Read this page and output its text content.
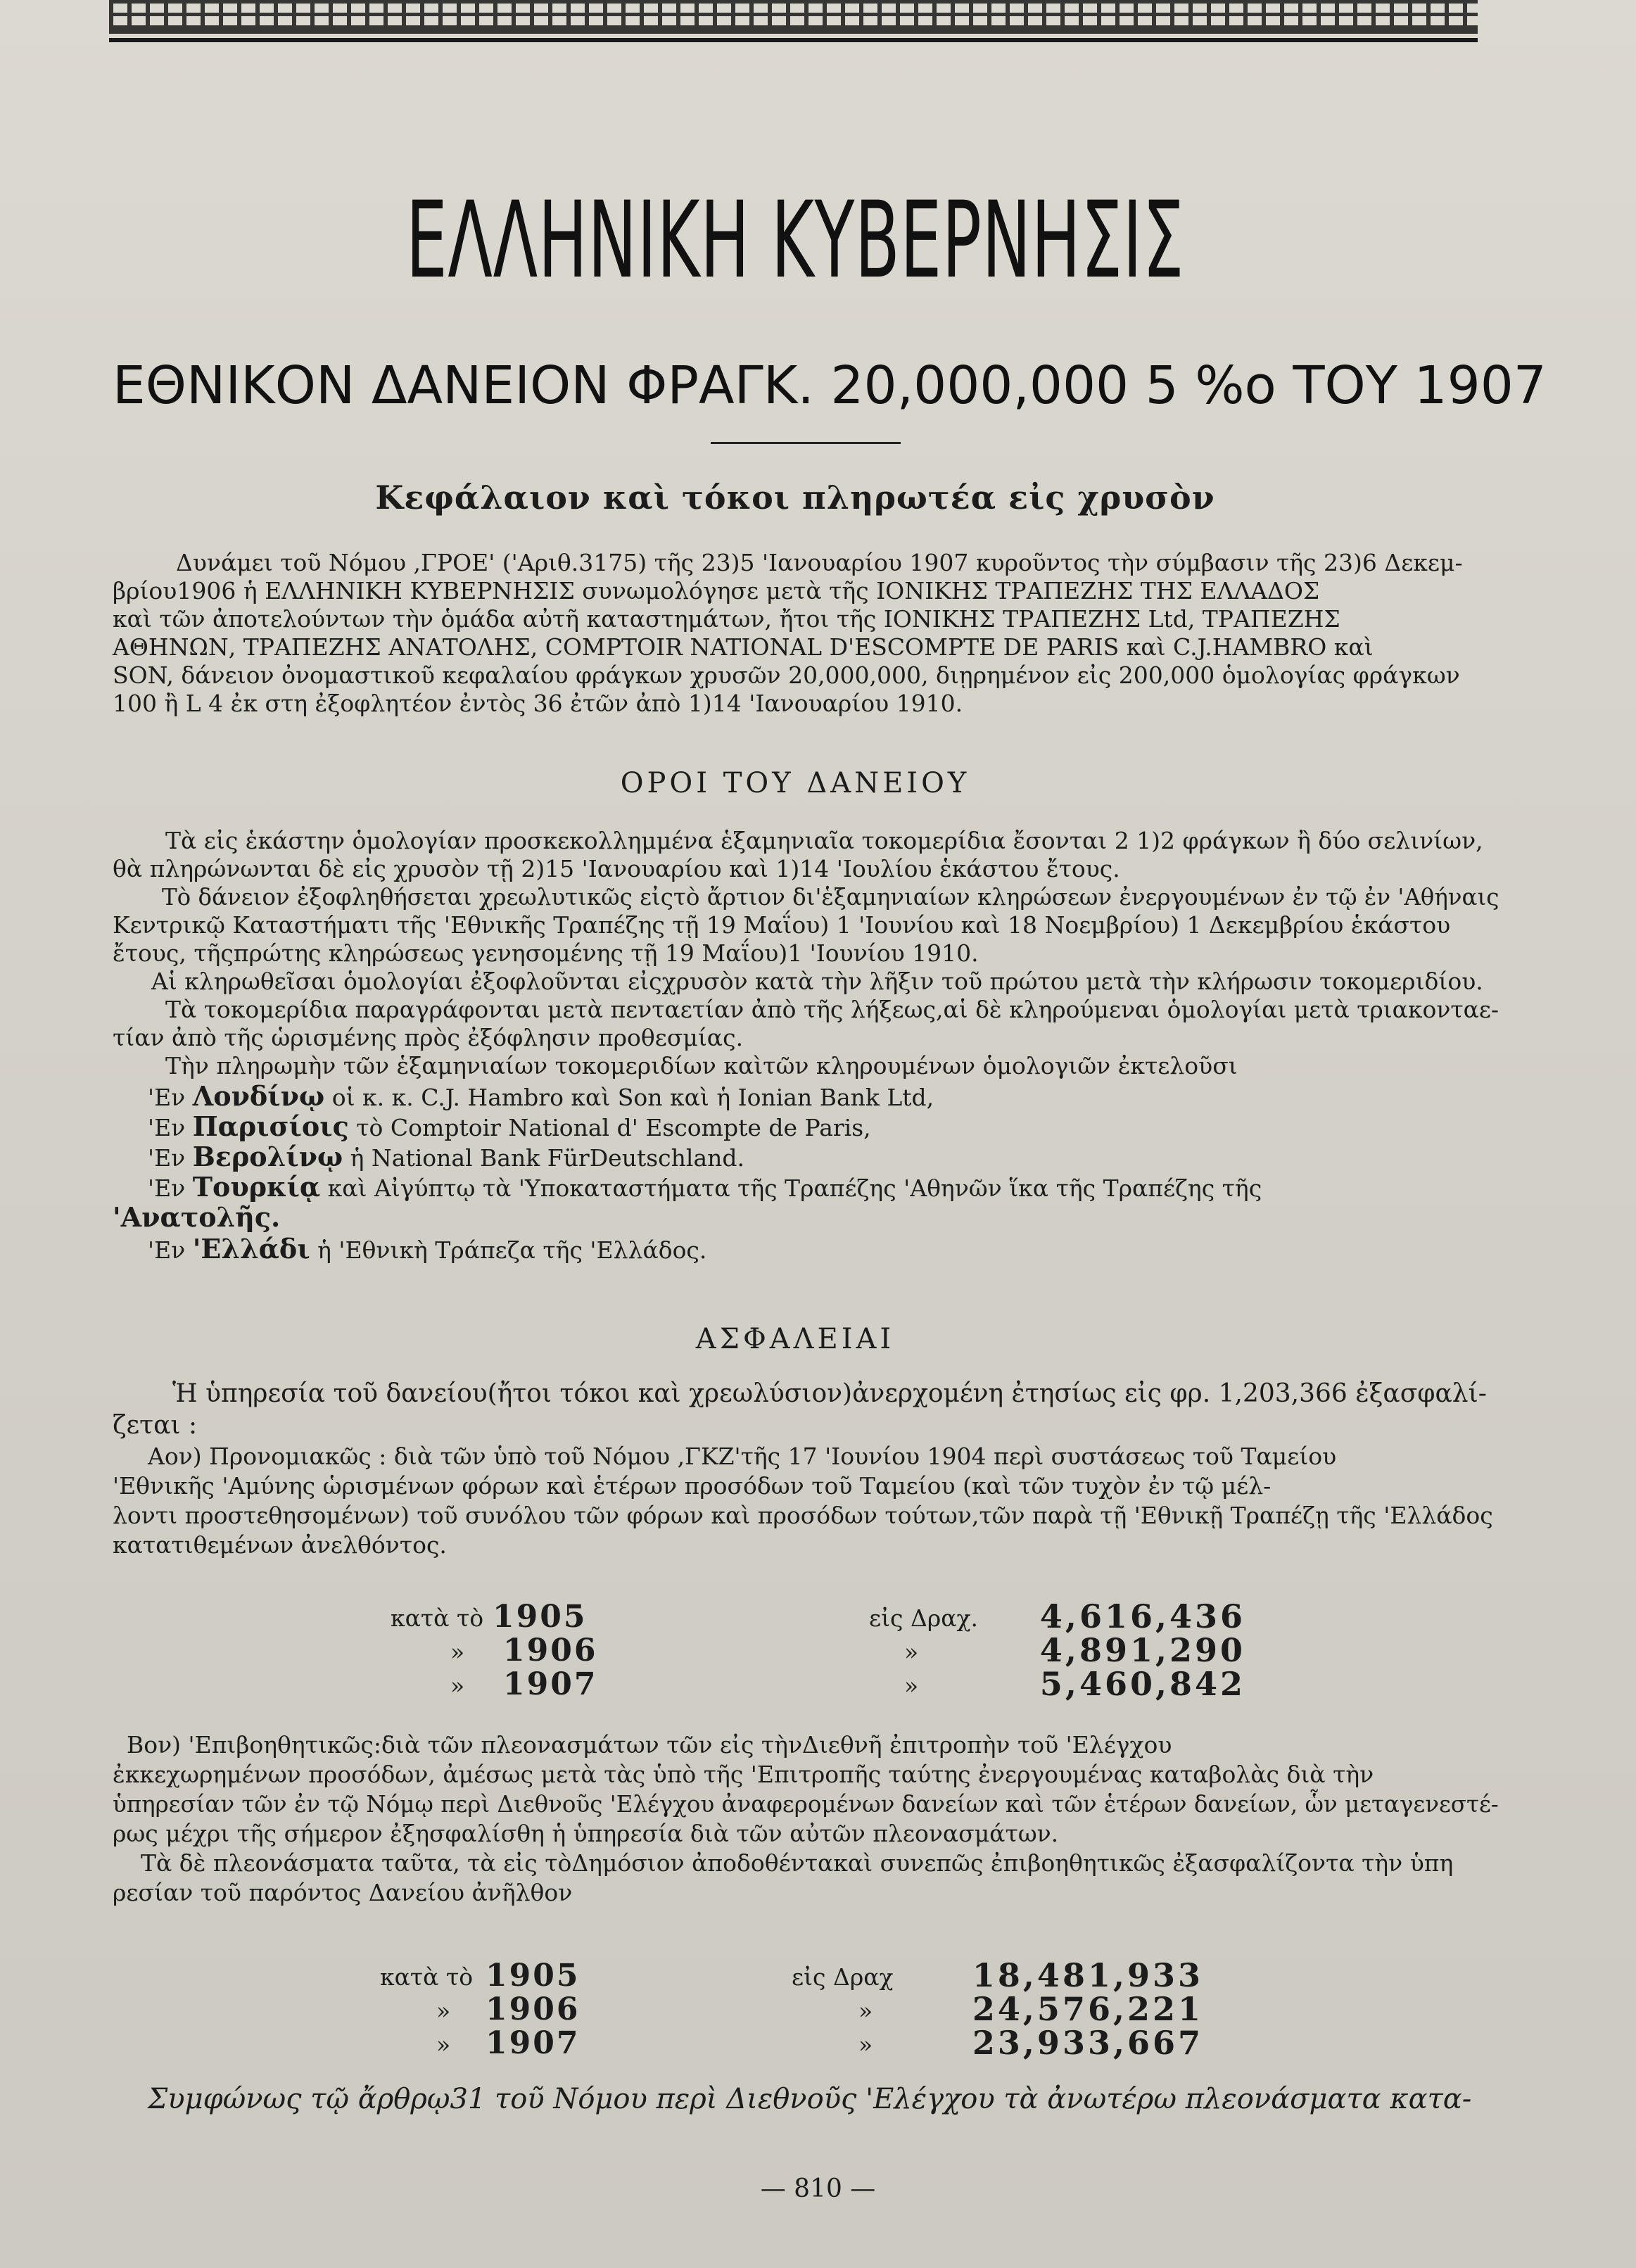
ΕΛΛΗΝΙΚΗ ΚΥΒΕΡΝΗΣΙΣ
ΕΘΝΙΚΟΝ ΔΑΝΕΙΟΝ ΦΡΑΓΚ. 20,000,000 5 %ο ΤΟΥ 1907
Κεφάλαιον καὶ τόκοι πληρωτέα εἰς χρυσὸν
Δυνάμει τοῦ Νόμου ,ΓΡΟΕ' ('Αριθ.3175) τῆς 23)5 'Ιανουαρίου 1907 κυροῦντος τὴν σύμβασιν τῆς 23)6 Δεκεμ-
βρίου1906 ἡ ΕΛΛΗΝΙΚΗ ΚΥΒΕΡΝΗΣΙΣ συνωμολόγησε μετὰ τῆς ΙΟΝΙΚΗΣ ΤΡΑΠΕΖΗΣ ΤΗΣ ΕΛΛΑΔΟΣ
καὶ τῶν ἀποτελούντων τὴν ὁμάδα αὐτῆ καταστημάτων, ἤτοι τῆς ΙΟΝΙΚΗΣ ΤΡΑΠΕΖΗΣ Ltd, ΤΡΑΠΕΖΗΣ
ΑΘΗΝΩΝ, ΤΡΑΠΕΖΗΣ ΑΝΑΤΟΛΗΣ, COMPTOIR NATIONAL D'ESCOMPTE DE PARIS καὶ C.J.HAMBRO καὶ
SON, δάνειον ὀνομαστικοῦ κεφαλαίου φράγκων χρυσῶν 20,000,000, διῃρημένον εἰς 200,000 ὁμολογίας φράγκων
100 ἢ L 4 ἐκ στη ἐξοφλητέον ἐντὸς 36 ἐτῶν ἀπὸ 1)14 'Ιανουαρίου 1910.
ΟΡΟΙ ΤΟΥ ΔΑΝΕΙΟΥ
Τὰ εἰς ἑκάστην ὁμολογίαν προσκεκολλημμένα ἑξαμηνιαῖα τοκομερίδια ἔσονται 2 1)2 φράγκων ἢ δύο σελινίων,
θὰ πληρώνωνται δὲ εἰς χρυσὸν τῇ 2)15 'Ιανουαρίου καὶ 1)14 'Ιουλίου ἑκάστου ἔτους.
Τὸ δάνειον ἐξοφληθήσεται χρεωλυτικῶς εἰςτὸ ἄρτιον δι'ἑξαμηνιαίων κληρώσεων ἐνεργουμένων ἐν τῷ ἐν 'Αθήναις
Κεντρικῷ Καταστήματι τῆς 'Εθνικῆς Τραπέζης τῇ 19 Μαΐου) 1 'Ιουνίου καὶ 18 Νοεμβρίου) 1 Δεκεμβρίου ἑκάστου
ἔτους, τῆςπρώτης κληρώσεως γενησομένης τῇ 19 Μαΐου)1 'Ιουνίου 1910.
Αἱ κληρωθεῖσαι ὁμολογίαι ἐξοφλοῦνται εἰςχρυσὸν κατὰ τὴν λῆξιν τοῦ πρώτου μετὰ τὴν κλήρωσιν τοκομεριδίου.
Τὰ τοκομερίδια παραγράφονται μετὰ πενταετίαν ἀπὸ τῆς λήξεως,αἱ δὲ κληρούμεναι ὁμολογίαι μετὰ τριακονταε-
τίαν ἀπὸ τῆς ὡρισμένης πρὸς ἐξόφλησιν προθεσμίας.
Τὴν πληρωμὴν τῶν ἑξαμηνιαίων τοκομεριδίων καὶτῶν κληρουμένων ὁμολογιῶν ἐκτελοῦσι
'Εν Λονδίνῳ οἱ κ. κ. C.J. Hambro καὶ Son καὶ ἡ Ionian Bank Ltd,
'Εν Παρισίοις τὸ Comptoir National d' Escompte de Paris,
'Εν Βερολίνῳ ἡ National Bank FürDeutschland.
'Εν Τουρκίᾳ καὶ Αἰγύπτῳ τὰ 'Υποκαταστήματα τῆς Τραπέζης 'Αθηνῶν ἵκα τῆς Τραπέζης τῆς
'Ανατολῆς.
'Εν 'Ελλάδι ἡ 'Εθνικὴ Τράπεζα τῆς 'Ελλάδος.
ΑΣΦΑΛΕΙΑΙ
Ἡ ὑπηρεσία τοῦ δανείου(ἤτοι τόκοι καὶ χρεωλύσιον)ἀνερχομένη ἐτησίως εἰς φρ. 1,203,366 ἐξασφαλί-
ζεται :
Αον) Προνομιακῶς : διὰ τῶν ὑπὸ τοῦ Νόμου ,ΓΚΖ'τῆς 17 'Ιουνίου 1904 περὶ συστάσεως τοῦ Ταμείου
'Εθνικῆς 'Αμύνης ὡρισμένων φόρων καὶ ἑτέρων προσόδων τοῦ Ταμείου (καὶ τῶν τυχὸν ἐν τῷ μέλ-
λοντι προστεθησομένων) τοῦ συνόλου τῶν φόρων καὶ προσόδων τούτων,τῶν παρὰ τῇ 'Εθνικῇ Τραπέζῃ τῆς 'Ελλάδος
κατατιθεμένων ἀνελθόντος.
κατὰ τὸ 1905	εἰς Δραχ.	4,616,436
» 1906	»	4,891,290
» 1907	»	5,460,842
Βον) 'Επιβοηθητικῶς:διὰ τῶν πλεονασμάτων τῶν εἰς τὴνΔιεθνῆ ἐπιτροπὴν τοῦ 'Ελέγχου
ἐκκεχωρημένων προσόδων, ἀμέσως μετὰ τὰς ὑπὸ τῆς 'Επιτροπῆς ταύτης ἐνεργουμένας καταβολὰς διὰ τὴν
ὑπηρεσίαν τῶν ἐν τῷ Νόμῳ περὶ Διεθνοῦς 'Ελέγχου ἀναφερομένων δανείων καὶ τῶν ἑτέρων δανείων, ὧν μεταγενεστέ-
ρως μέχρι τῆς σήμερον ἐξησφαλίσθη ἡ ὑπηρεσία διὰ τῶν αὐτῶν πλεονασμάτων.
Τὰ δὲ πλεονάσματα ταῦτα, τὰ εἰς τὸΔημόσιον ἀποδοθέντακαὶ συνεπῶς ἐπιβοηθητικῶς ἐξασφαλίζοντα τὴν ὑπη
ρεσίαν τοῦ παρόντος Δανείου ἀνῆλθον
κατὰ τὸ 1905	εἰς Δραχ	18,481,933
» 1906	»	24,576,221
» 1907	»	23,933,667
Συμφώνως τῷ ἄρθρῳ31 τοῦ Νόμου περὶ Διεθνοῦς 'Ελέγχου τὰ ἀνωτέρω πλεονάσματα κατα-
— 810 —
